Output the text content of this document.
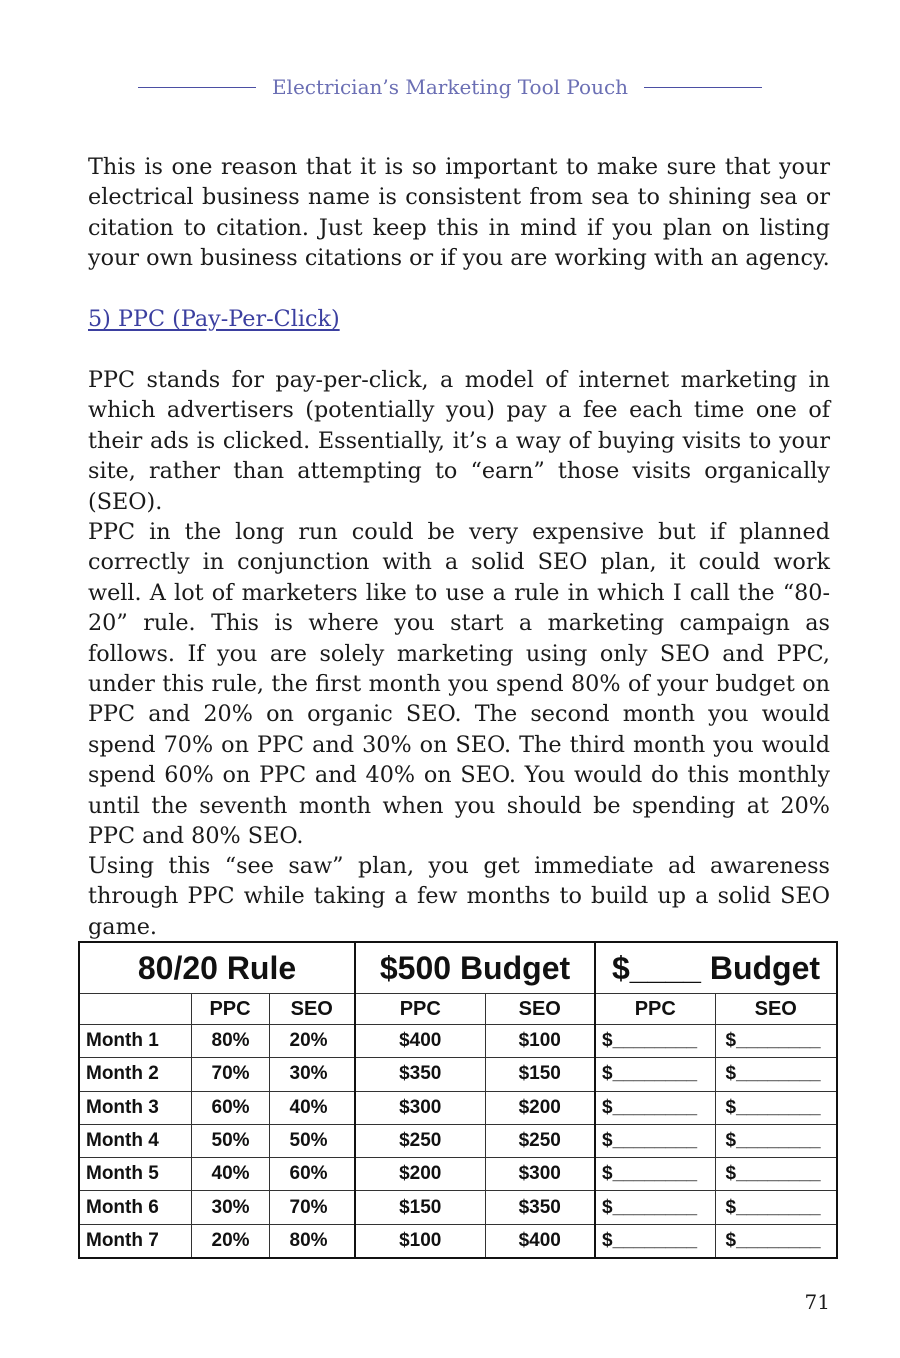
Electrician’s Marketing Tool Pouch

This is one reason that it is so important to make sure that your electrical business name is consistent from sea to shining sea or citation to citation. Just keep this in mind if you plan on listing your own business citations or if you are working with an agency.

5) PPC (Pay-Per-Click)

PPC stands for pay-per-click, a model of internet marketing in which advertisers (potentially you) pay a fee each time one of their ads is clicked. Essentially, it’s a way of buying visits to your site, rather than attempting to “earn” those visits organically (SEO).

PPC in the long run could be very expensive but if planned correctly in conjunction with a solid SEO plan, it could work well. A lot of marketers like to use a rule in which I call the “80-20” rule. This is where you start a marketing campaign as follows. If you are solely marketing using only SEO and PPC, under this rule, the first month you spend 80% of your budget on PPC and 20% on organic SEO. The second month you would spend 70% on PPC and 30% on SEO. The third month you would spend 60% on PPC and 40% on SEO. You would do this monthly until the seventh month when you should be spending at 20% PPC and 80% SEO.

Using this “see saw” plan, you get immediate ad awareness through PPC while taking a few months to build up a solid SEO game.

80/20 Rule			$500 Budget		$____ Budget	
	PPC	SEO	PPC	SEO	PPC	SEO
Month 1	80%	20%	$400	$100	$________	$________
Month 2	70%	30%	$350	$150	$________	$________
Month 3	60%	40%	$300	$200	$________	$________
Month 4	50%	50%	$250	$250	$________	$________
Month 5	40%	60%	$200	$300	$________	$________
Month 6	30%	70%	$150	$350	$________	$________
Month 7	20%	80%	$100	$400	$________	$________
71
